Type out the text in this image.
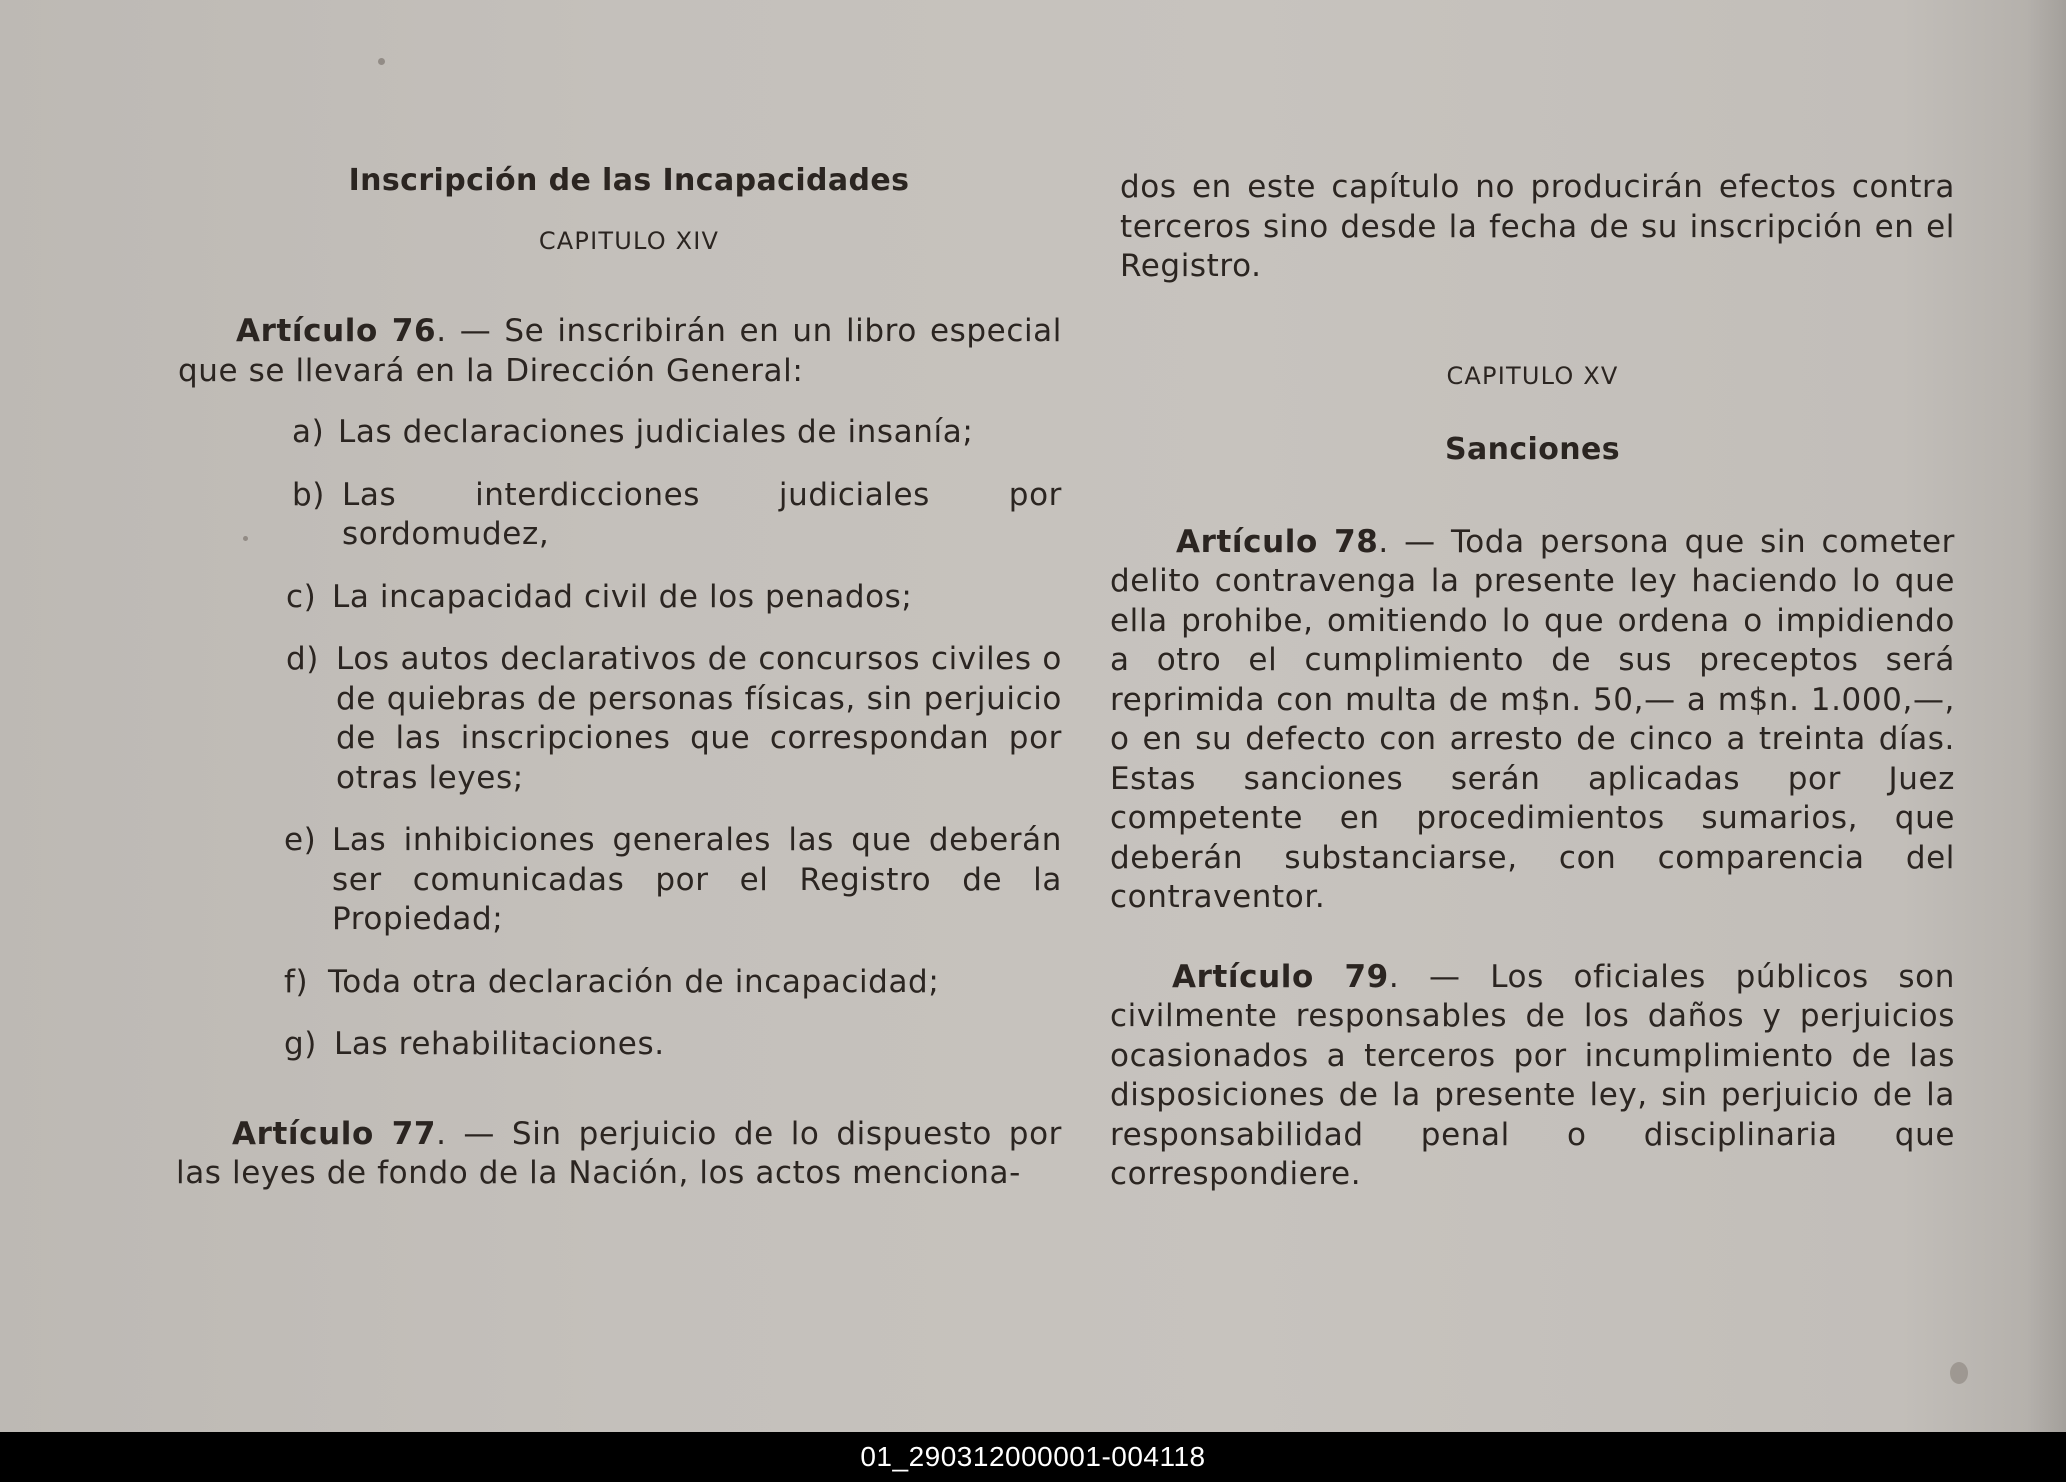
Inscripción de las Incapacidades
CAPITULO XIV

Artículo 76. — Se inscribirán en un libro especial que se llevará en la Dirección General:

a) Las declaraciones judiciales de insanía;

b) Las interdicciones judiciales por sordomudez,

c) La incapacidad civil de los penados;

d) Los autos declarativos de concursos civiles o de quiebras de personas físicas, sin perjuicio de las inscripciones que correspondan por otras leyes;

e) Las inhibiciones generales las que deberán ser comunicadas por el Registro de la Propiedad;

f) Toda otra declaración de incapacidad;

g) Las rehabilitaciones.

Artículo 77. — Sin perjuicio de lo dispuesto por las leyes de fondo de la Nación, los actos menciona-

dos en este capítulo no producirán efectos contra terceros sino desde la fecha de su inscripción en el Registro.

CAPITULO XV
Sanciones

Artículo 78. — Toda persona que sin cometer delito contravenga la presente ley haciendo lo que ella prohibe, omitiendo lo que ordena o impidiendo a otro el cumplimiento de sus preceptos será reprimida con multa de m$n. 50,— a m$n. 1.000,—, o en su defecto con arresto de cinco a treinta días. Estas sanciones serán aplicadas por Juez competente en procedimientos sumarios, que deberán substanciarse, con comparencia del contraventor.

Artículo 79. — Los oficiales públicos son civilmente responsables de los daños y perjuicios ocasionados a terceros por incumplimiento de las disposiciones de la presente ley, sin perjuicio de la responsabilidad penal o disciplinaria que correspondiere.

01_290312000001-004118
